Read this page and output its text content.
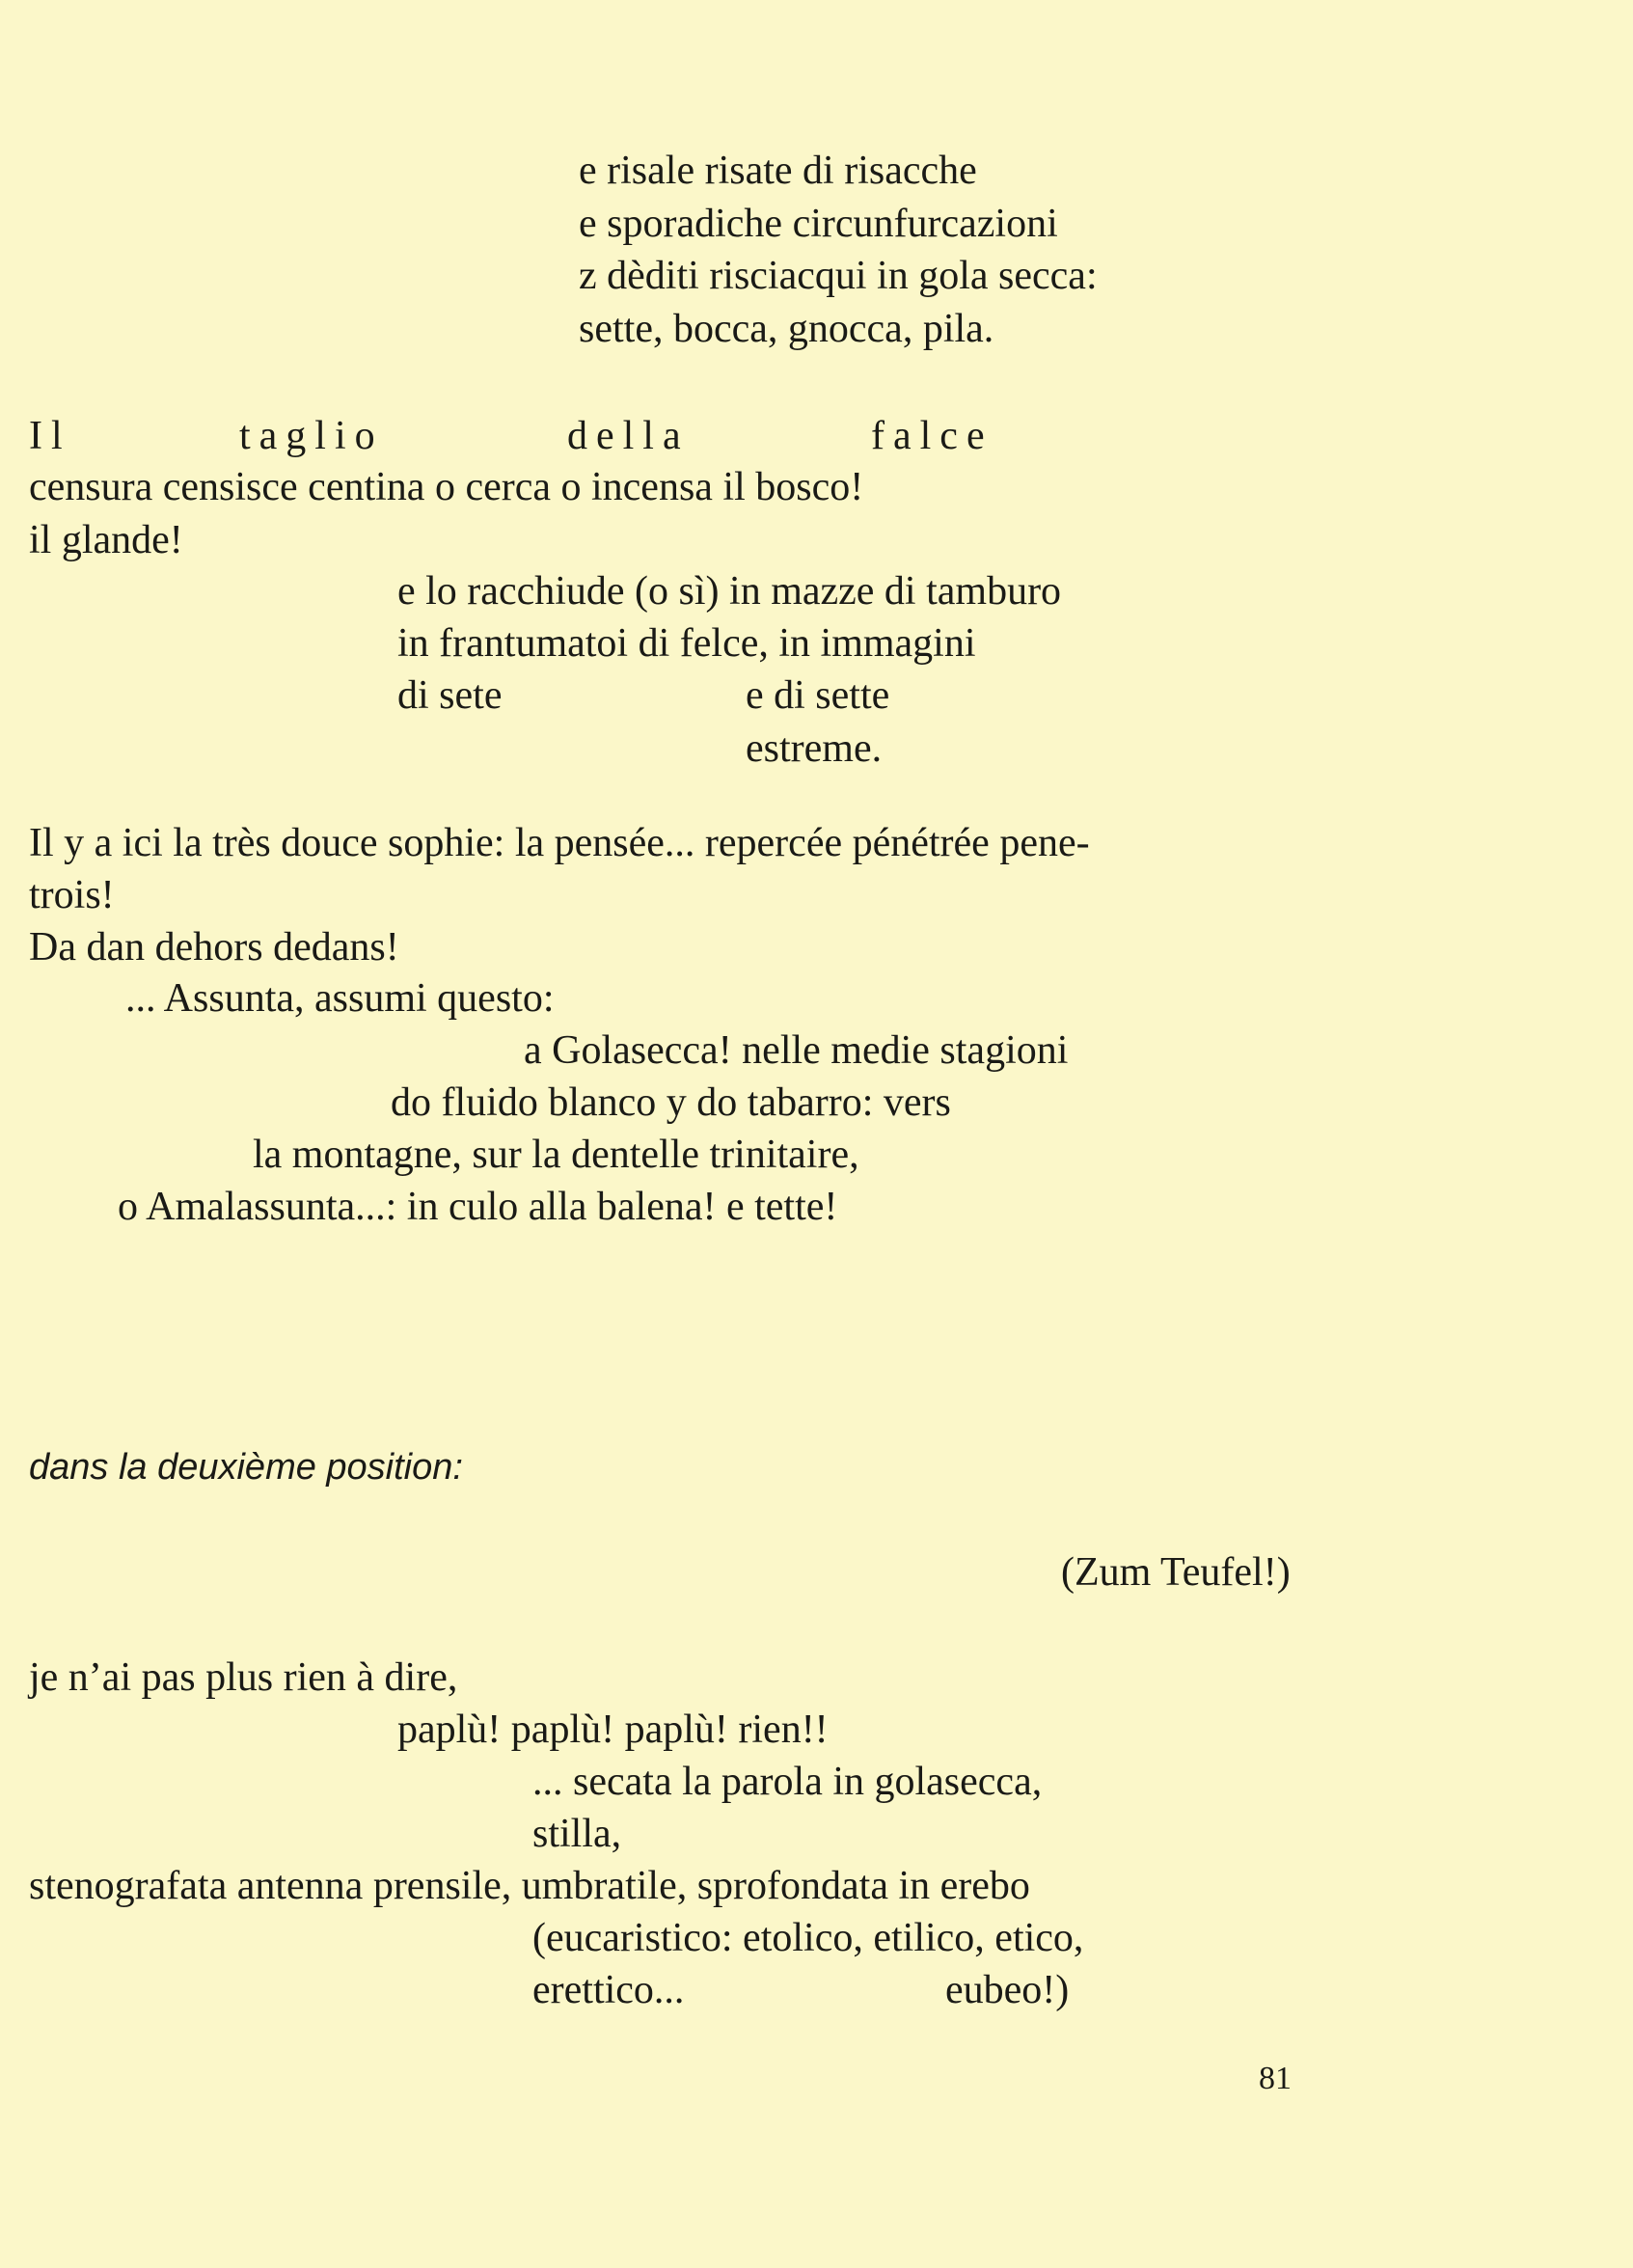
e risale risate di risacche
e sporadiche circunfurcazioni
z dèditi risciacqui in gola secca:
sette, bocca, gnocca, pila.
Il	taglio	della	falce
censura censisce centina o cerca o incensa il bosco!
il glande!
e lo racchiude (o sì) in mazze di tamburo
in frantumatoi di felce, in immagini
di sete	e di sette
estreme.
Il y a ici la très douce sophie: la pensée... repercée pénétrée pene-
trois!
Da dan dehors dedans!
... Assunta, assumi questo:
a Golasecca! nelle medie stagioni
do fluido blanco y do tabarro: vers
la montagne, sur la dentelle trinitaire,
o Amalassunta...: in culo alla balena! e tette!
dans la deuxième position:
(Zum Teufel!)
je n’ai pas plus rien à dire,
paplù! paplù! paplù! rien!!
... secata la parola in golasecca,
stilla,
stenografata antenna prensile, umbratile, sprofondata in erebo
(eucaristico: etolico, etilico, etico,
erettico...	eubeo!)
81
